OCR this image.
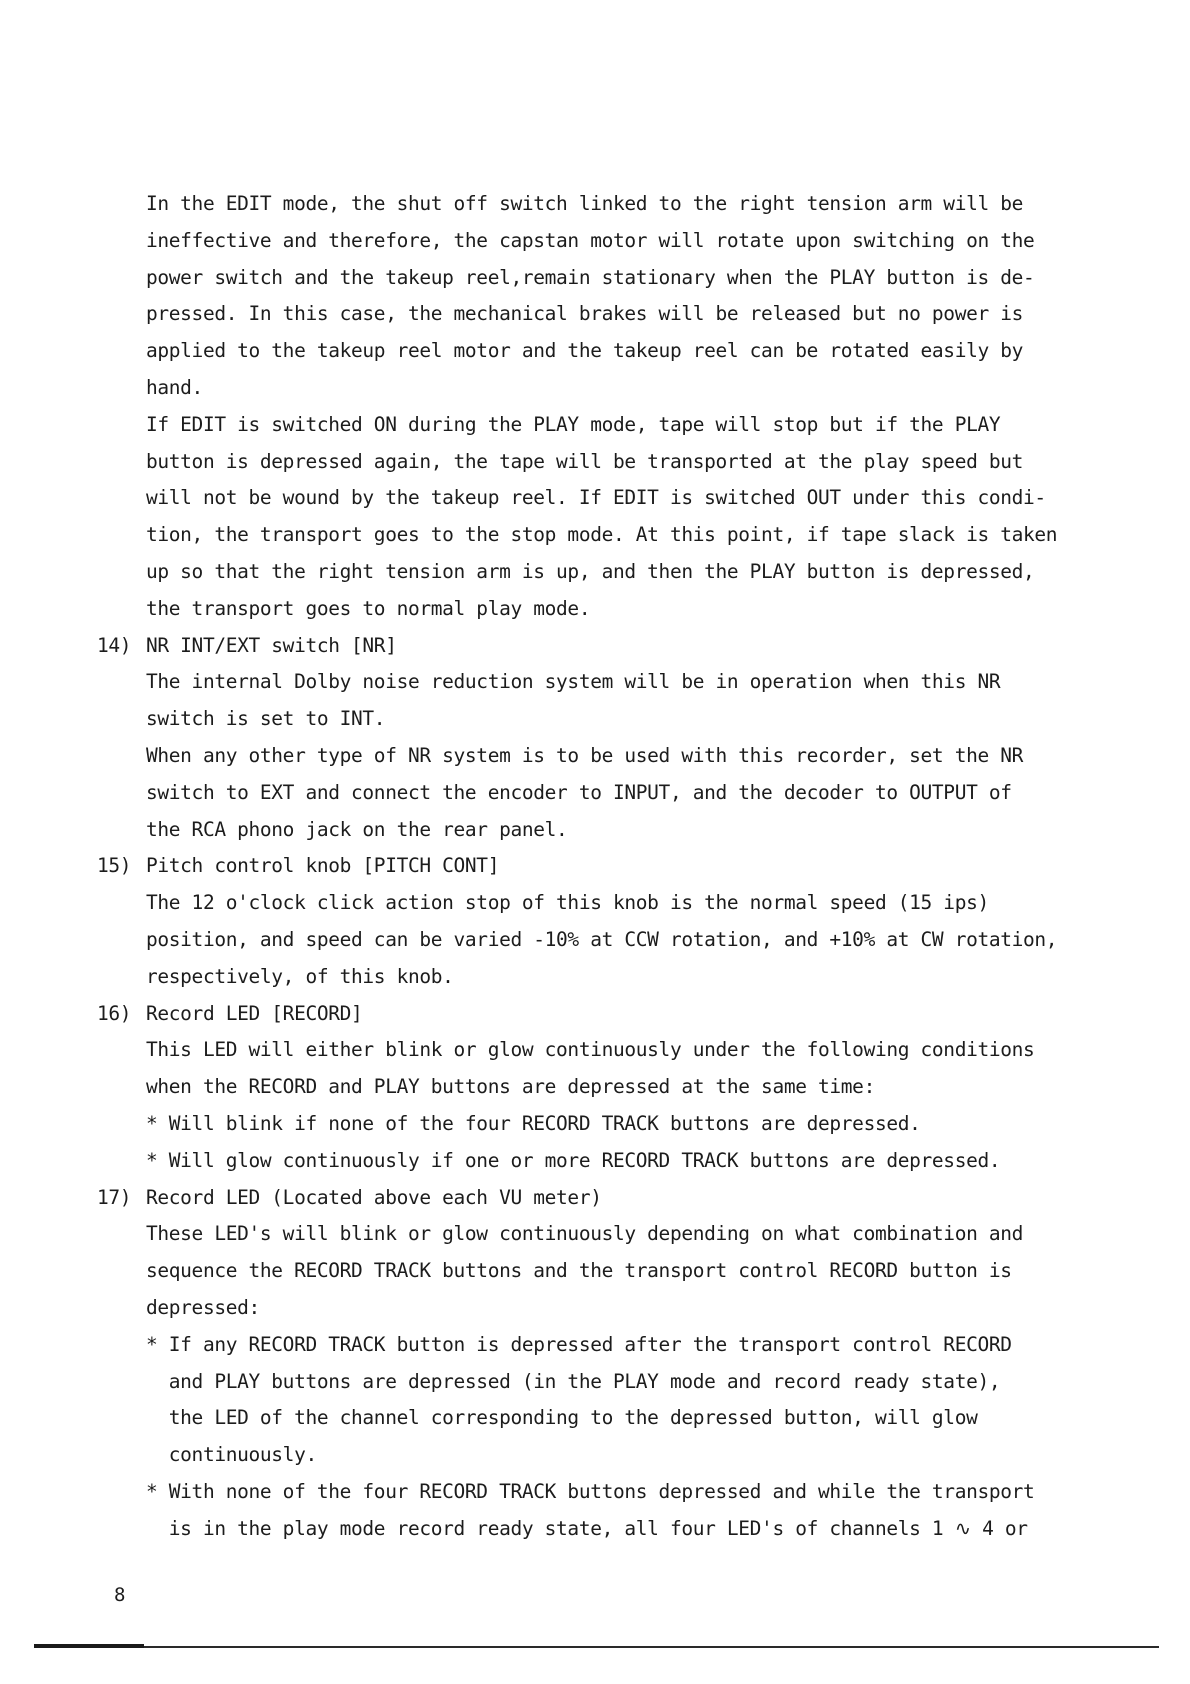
In the EDIT mode, the shut off switch linked to the right tension arm will be
ineffective and therefore, the capstan motor will rotate upon switching on the
power switch and the takeup reel,remain stationary when the PLAY button is de-
pressed. In this case, the mechanical brakes will be released but no power is
applied to the takeup reel motor and the takeup reel can be rotated easily by
hand.
If EDIT is switched ON during the PLAY mode, tape will stop but if the PLAY
button is depressed again, the tape will be transported at the play speed but
will not be wound by the takeup reel. If EDIT is switched OUT under this condi-
tion, the transport goes to the stop mode. At this point, if tape slack is taken
up so that the right tension arm is up, and then the PLAY button is depressed,
the transport goes to normal play mode.
14) NR INT/EXT switch [NR]
The internal Dolby noise reduction system will be in operation when this NR
switch is set to INT.
When any other type of NR system is to be used with this recorder, set the NR
switch to EXT and connect the encoder to INPUT, and the decoder to OUTPUT of
the RCA phono jack on the rear panel.
15) Pitch control knob [PITCH CONT]
The 12 o'clock click action stop of this knob is the normal speed (15 ips)
position, and speed can be varied -10% at CCW rotation, and +10% at CW rotation,
respectively, of this knob.
16) Record LED [RECORD]
This LED will either blink or glow continuously under the following conditions
when the RECORD and PLAY buttons are depressed at the same time:
* Will blink if none of the four RECORD TRACK buttons are depressed.
* Will glow continuously if one or more RECORD TRACK buttons are depressed.
17) Record LED (Located above each VU meter)
These LED's will blink or glow continuously depending on what combination and
sequence the RECORD TRACK buttons and the transport control RECORD button is
depressed:
* If any RECORD TRACK button is depressed after the transport control RECORD
and PLAY buttons are depressed (in the PLAY mode and record ready state),
the LED of the channel corresponding to the depressed button, will glow
continuously.
* With none of the four RECORD TRACK buttons depressed and while the transport
is in the play mode record ready state, all four LED's of channels 1 ∿ 4 or
8
